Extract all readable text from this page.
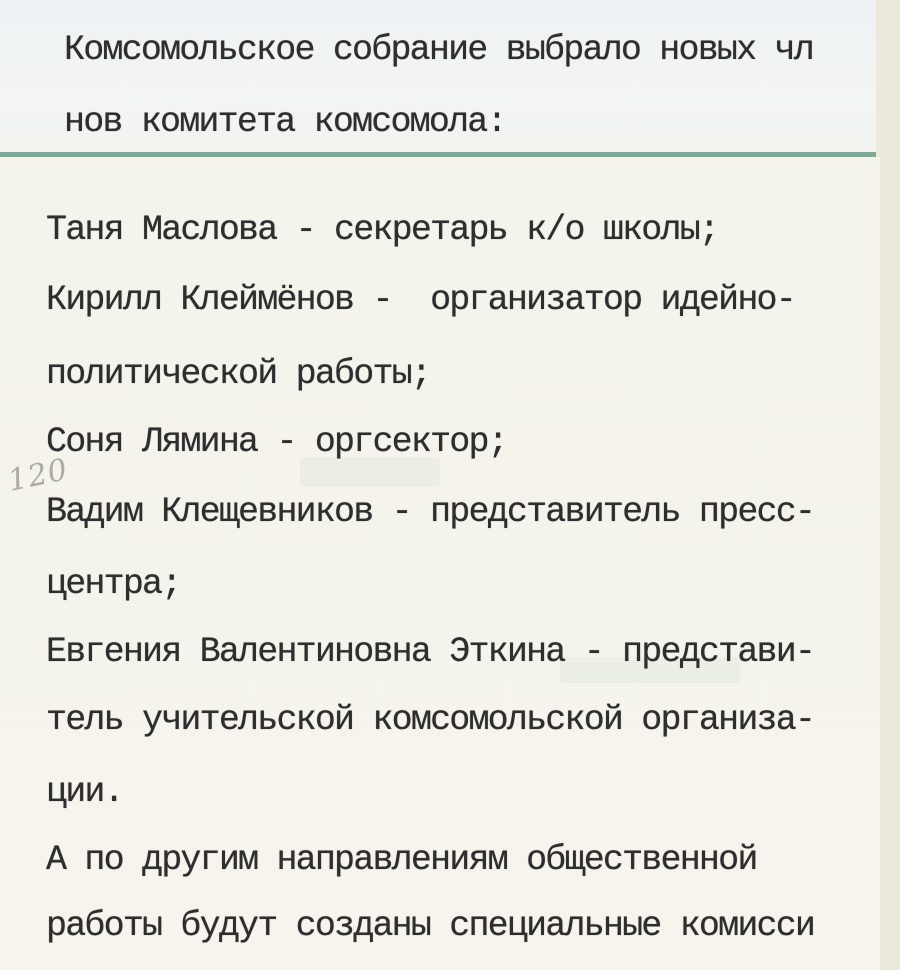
Комсомольское собрание выбрало новых чл

нов комитета комсомола:

Таня Маслова - секретарь к/о школы;

Кирилл Клеймёнов -  организатор идейно-

политической работы;

Соня Лямина - оргсектор;

Вадим Клещевников - представитель пресс-

центра;

Евгения Валентиновна Эткина - представи-

тель учительской комсомольской организа-

ции.

А по другим направлениям общественной

работы будут созданы специальные комисси

120
